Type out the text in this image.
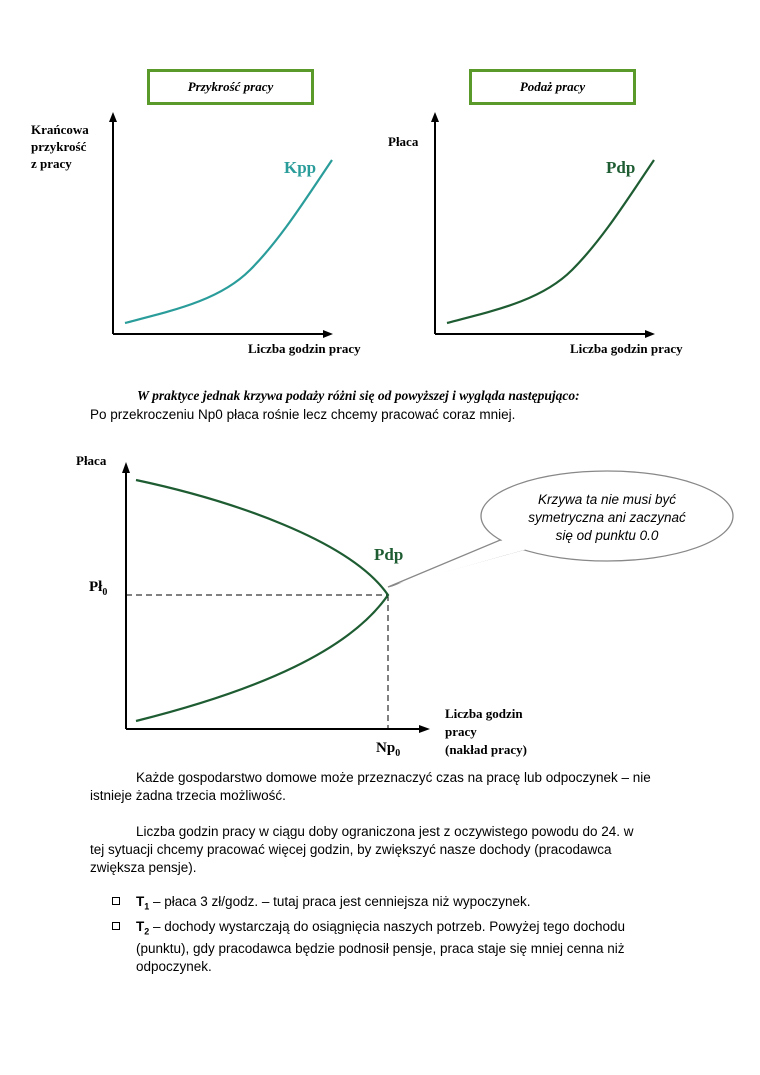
Przykrość pracy
Krańcowa
przykrość
z pracy	Kpp
Liczba godzin pracy
Podaż pracy
Płaca
Pdp
Liczba godzin pracy
W praktyce jednak krzywa podaży różni się od powyższej i wygląda następująco:
Po przekroczeniu Np0 płaca rośnie lecz chcemy pracować coraz mniej.
Płaca
Krzywa ta nie musi być
symetryczna ani zaczynać
się od punktu 0.0
Pdp
$Pł_0$
$Np_0$
Liczba godzin
pracy
(nakład pracy)
Każde gospodarstwo domowe może przeznaczyć czas na pracę lub odpoczynek – nie
istnieje żadna trzecia możliwość.
Liczba godzin pracy w ciągu doby ograniczona jest z oczywistego powodu do 24. w
tej sytuacji chcemy pracować więcej godzin, by zwiększyć nasze dochody (pracodawca
zwiększa pensje).
$T_1$ – płaca 3 zł/godz. – tutaj praca jest cenniejsza niż wypoczynek.
$T_2$ – dochody wystarczają do osiągnięcia naszych potrzeb. Powyżej tego dochodu (punktu), gdy pracodawca będzie podnosił pensje, praca staje się mniej cenna niż odpoczynek.
